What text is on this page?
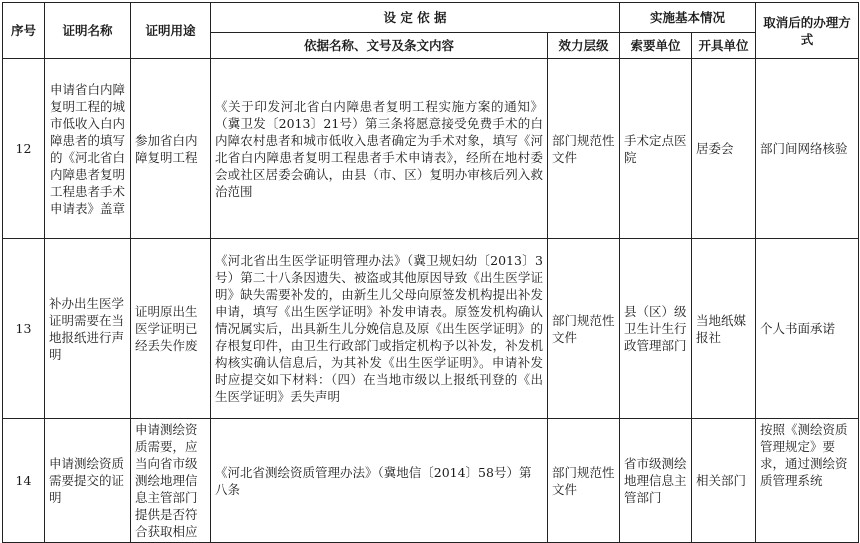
序号	证明名称	证明用途	设 定 依 据		实施基本情况		取消后的办理方式
			依据名称、文号及条文内容	效力层级	索要单位	开具单位	
12	申请省白内障复明工程的城市低收入白内障患者的填写的《河北省白内障患者复明工程患者手术申请表》盖章	参加省白内障复明工程	《关于印发河北省白内障患者复明工程实施方案的通知》（冀卫发〔2013〕21号）第三条将愿意接受免费手术的白内障农村患者和城市低收入患者确定为手术对象，填写《河北省白内障患者复明工程患者手术申请表》，经所在地村委会或社区居委会确认，由县（市、区）复明办审核后列入救治范围	部门规范性文件	手术定点医院	居委会	部门间网络核验
13	补办出生医学证明需要在当地报纸进行声明	证明原出生医学证明已经丢失作废	《河北省出生医学证明管理办法》（冀卫规妇幼〔2013〕3号）第二十八条因遗失、被盗或其他原因导致《出生医学证明》缺失需要补发的，由新生儿父母向原签发机构提出补发申请，填写《出生医学证明》补发申请表。原签发机构确认情况属实后，出具新生儿分娩信息及原《出生医学证明》的存根复印件，由卫生行政部门或指定机构予以补发，补发机构核实确认信息后，为其补发《出生医学证明》。申请补发时应提交如下材料：（四）在当地市级以上报纸刊登的《出生医学证明》丢失声明	部门规范性文件	县（区）级卫生计生行政管理部门	当地纸媒报社	个人书面承诺
14	申请测绘资质需要提交的证明	申请测绘资质需要，应当向省市级测绘地理信息主管部门提供是否符合获取相应	《河北省测绘资质管理办法》（冀地信〔2014〕58号）第八条	部门规范性文件	省市级测绘地理信息主管部门	相关部门	按照《测绘资质管理规定》要求，通过测绘资质管理系统
